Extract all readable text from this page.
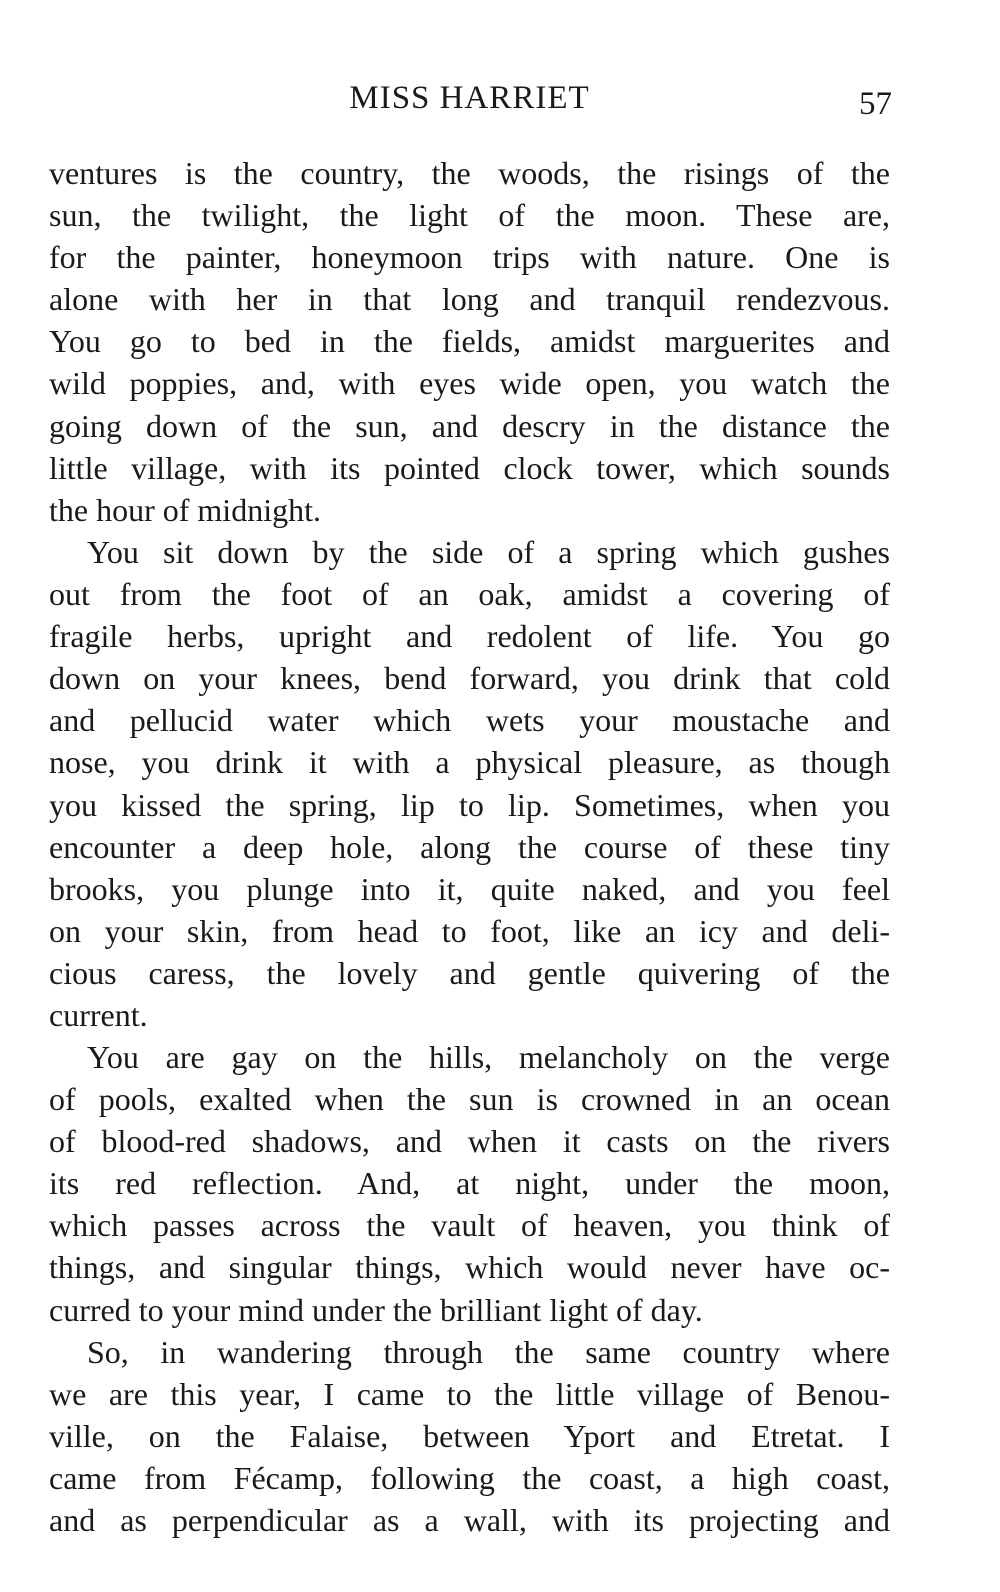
MISS HARRIET	57
ventures is the country, the woods, the risings of the
sun, the twilight, the light of the moon. These are,
for the painter, honeymoon trips with nature. One is
alone with her in that long and tranquil rendezvous.
You go to bed in the fields, amidst marguerites and
wild poppies, and, with eyes wide open, you watch the
going down of the sun, and descry in the distance the
little village, with its pointed clock tower, which sounds
the hour of midnight.
You sit down by the side of a spring which gushes
out from the foot of an oak, amidst a covering of
fragile herbs, upright and redolent of life. You go
down on your knees, bend forward, you drink that cold
and pellucid water which wets your moustache and
nose, you drink it with a physical pleasure, as though
you kissed the spring, lip to lip. Sometimes, when you
encounter a deep hole, along the course of these tiny
brooks, you plunge into it, quite naked, and you feel
on your skin, from head to foot, like an icy and deli-
cious caress, the lovely and gentle quivering of the
current.
You are gay on the hills, melancholy on the verge
of pools, exalted when the sun is crowned in an ocean
of blood-red shadows, and when it casts on the rivers
its red reflection. And, at night, under the moon,
which passes across the vault of heaven, you think of
things, and singular things, which would never have oc-
curred to your mind under the brilliant light of day.
So, in wandering through the same country where
we are this year, I came to the little village of Benou-
ville, on the Falaise, between Yport and Etretat. I
came from Fécamp, following the coast, a high coast,
and as perpendicular as a wall, with its projecting and
